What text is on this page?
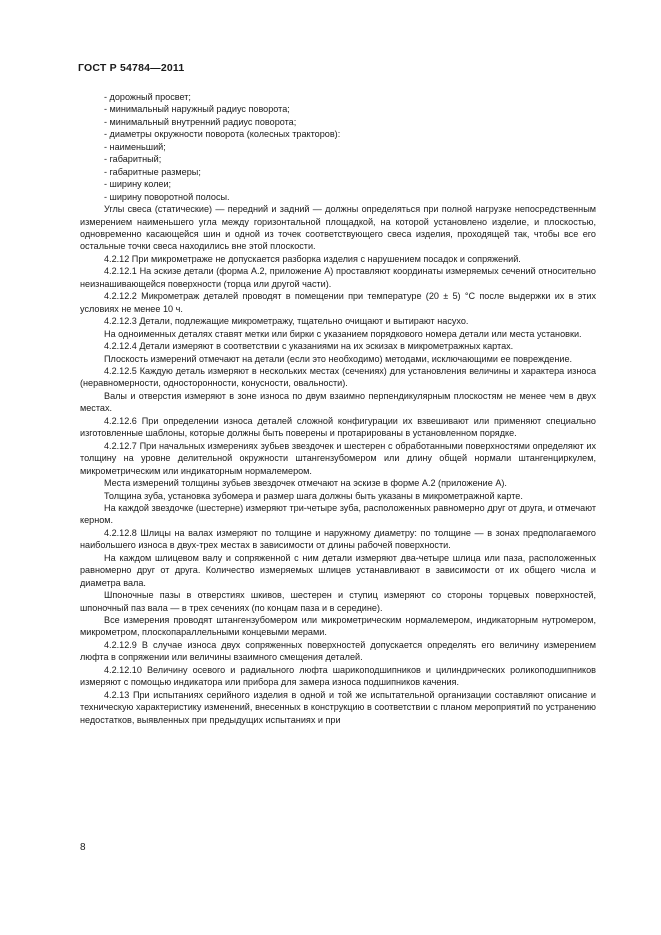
ГОСТ Р 54784—2011

- дорожный просвет;

- минимальный наружный радиус поворота;

- минимальный внутренний радиус поворота;

- диаметры окружности поворота (колесных тракторов):

- наименьший;

- габаритный;

- габаритные размеры;

- ширину колеи;

- ширину поворотной полосы.

Углы свеса (статические) — передний и задний — должны определяться при полной нагрузке непосредственным измерением наименьшего угла между горизонтальной площадкой, на которой установлено изделие, и плоскостью, одновременно касающейся шин и одной из точек соответствующего свеса изделия, проходящей так, чтобы все его остальные точки свеса находились вне этой плоскости.

4.2.12 При микрометраже не допускается разборка изделия с нарушением посадок и сопряжений.

4.2.12.1 На эскизе детали (форма А.2, приложение А) проставляют координаты измеряемых сечений относительно неизнашивающейся поверхности (торца или другой части).

4.2.12.2 Микрометраж деталей проводят в помещении при температуре (20 ± 5) °С после выдержки их в этих условиях не менее 10 ч.

4.2.12.3 Детали, подлежащие микрометражу, тщательно очищают и вытирают насухо.

На одноименных деталях ставят метки или бирки с указанием порядкового номера детали или места установки.

4.2.12.4 Детали измеряют в соответствии с указаниями на их эскизах в микрометражных картах.

Плоскость измерений отмечают на детали (если это необходимо) методами, исключающими ее повреждение.

4.2.12.5 Каждую деталь измеряют в нескольких местах (сечениях) для установления величины и характера износа (неравномерности, односторонности, конусности, овальности).

Валы и отверстия измеряют в зоне износа по двум взаимно перпендикулярным плоскостям не менее чем в двух местах.

4.2.12.6 При определении износа деталей сложной конфигурации их взвешивают или применяют специально изготовленные шаблоны, которые должны быть поверены и протарированы в установленном порядке.

4.2.12.7 При начальных измерениях зубьев звездочек и шестерен с обработанными поверхностями определяют их толщину на уровне делительной окружности штангензубомером или длину общей нормали штангенциркулем, микрометрическим или индикаторным нормалемером.

Места измерений толщины зубьев звездочек отмечают на эскизе в форме А.2 (приложение А).

Толщина зуба, установка зубомера и размер шага должны быть указаны в микрометражной карте.

На каждой звездочке (шестерне) измеряют три-четыре зуба, расположенных равномерно друг от друга, и отмечают керном.

4.2.12.8 Шлицы на валах измеряют по толщине и наружному диаметру: по толщине — в зонах предполагаемого наибольшего износа в двух-трех местах в зависимости от длины рабочей поверхности.

На каждом шлицевом валу и сопряженной с ним детали измеряют два-четыре шлица или паза, расположенных равномерно друг от друга. Количество измеряемых шлицев устанавливают в зависимости от их общего числа и диаметра вала.

Шпоночные пазы в отверстиях шкивов, шестерен и ступиц измеряют со стороны торцевых поверхностей, шпоночный паз вала — в трех сечениях (по концам паза и в середине).

Все измерения проводят штангензубомером или микрометрическим нормалемером, индикаторным нутромером, микрометром, плоскопараллельными концевыми мерами.

4.2.12.9 В случае износа двух сопряженных поверхностей допускается определять его величину измерением люфта в сопряжении или величины взаимного смещения деталей.

4.2.12.10 Величину осевого и радиального люфта шарикоподшипников и цилиндрических роликоподшипников измеряют с помощью индикатора или прибора для замера износа подшипников качения.

4.2.13 При испытаниях серийного изделия в одной и той же испытательной организации составляют описание и техническую характеристику изменений, внесенных в конструкцию в соответствии с планом мероприятий по устранению недостатков, выявленных при предыдущих испытаниях и при

8
